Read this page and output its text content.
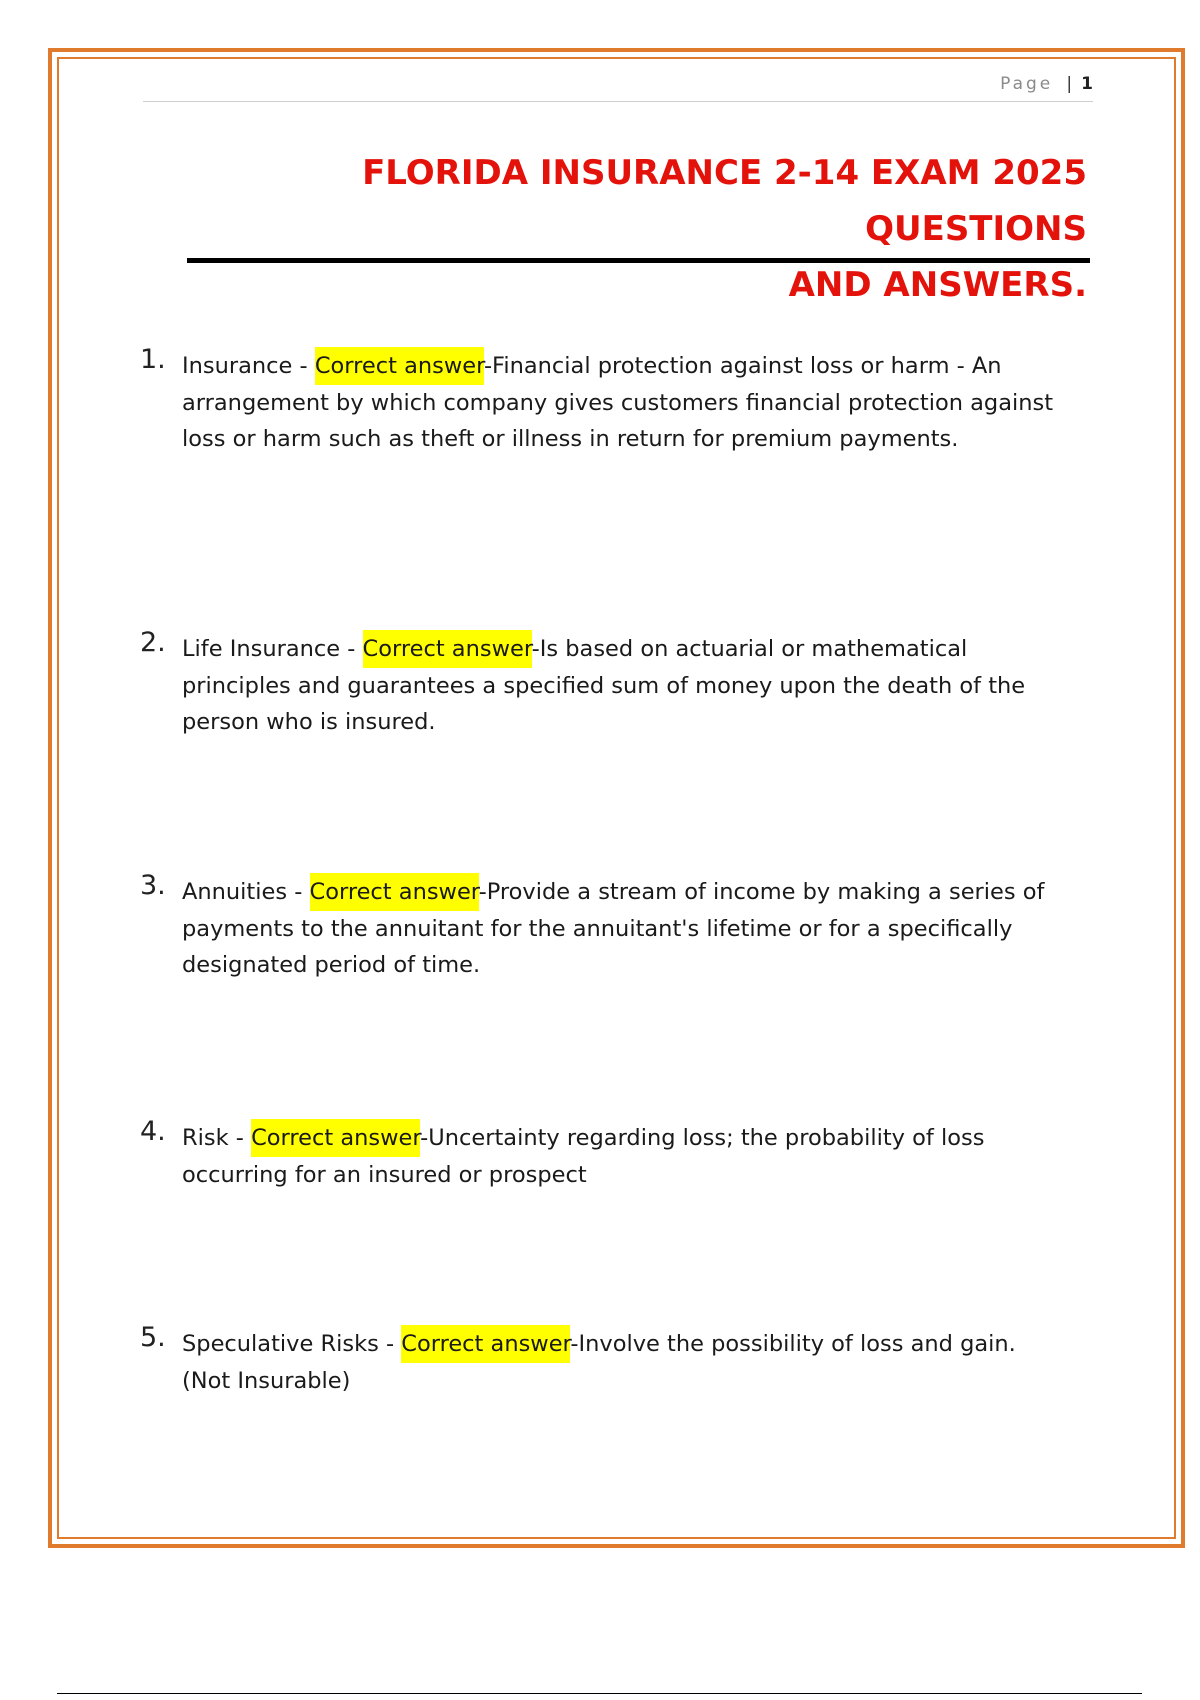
Page | 1
FLORIDA INSURANCE 2-14 EXAM 2025 QUESTIONS
AND ANSWERS.
1. Insurance - Correct answer-Financial protection against loss or harm - An arrangement by which company gives customers financial protection against loss or harm such as theft or illness in return for premium payments.
2. Life Insurance - Correct answer-Is based on actuarial or mathematical principles and guarantees a specified sum of money upon the death of the person who is insured.
3. Annuities - Correct answer-Provide a stream of income by making a series of payments to the annuitant for the annuitant's lifetime or for a specifically designated period of time.
4. Risk - Correct answer-Uncertainty regarding loss; the probability of loss occurring for an insured or prospect
5. Speculative Risks - Correct answer-Involve the possibility of loss and gain. (Not Insurable)
